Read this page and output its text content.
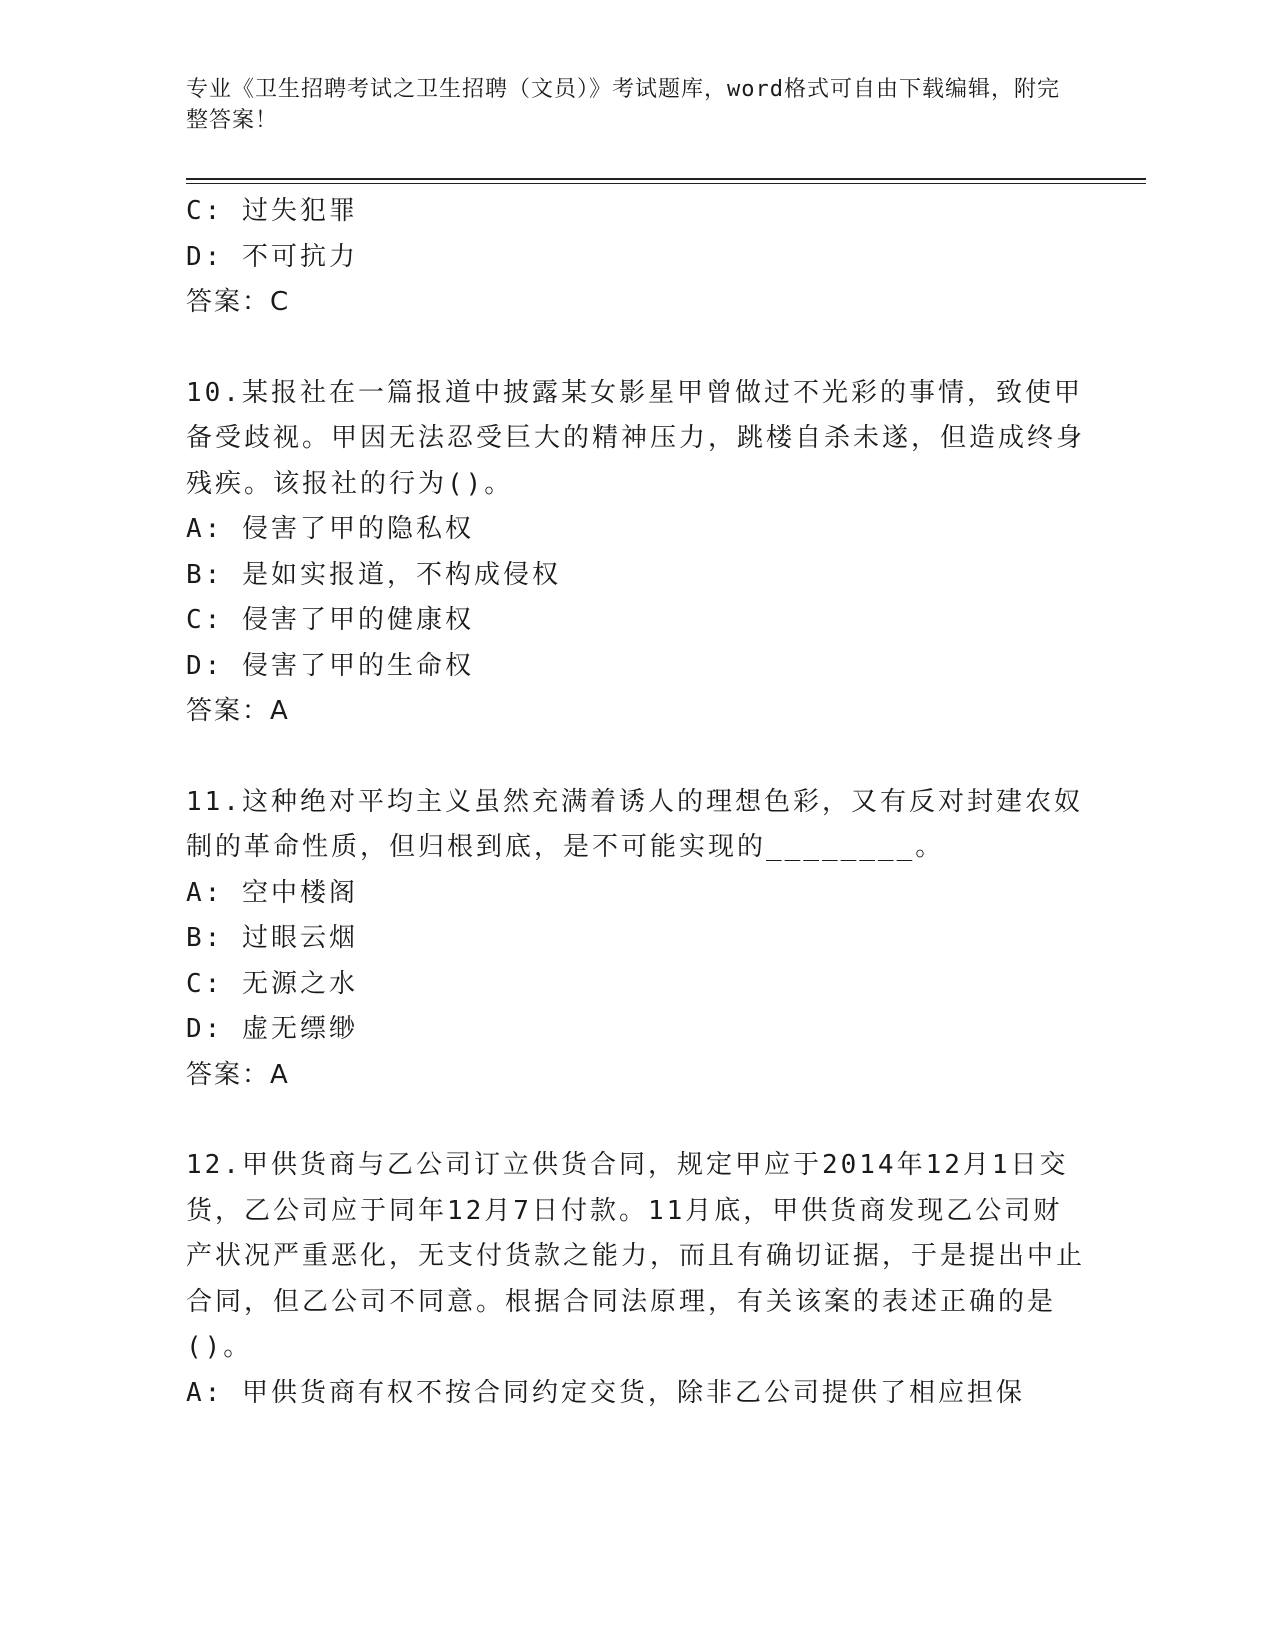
专业《卫生招聘考试之卫生招聘（文员）》考试题库，word格式可自由下载编辑，附完整答案！
C: 过失犯罪
D: 不可抗力
答案：C
10.某报社在一篇报道中披露某女影星甲曾做过不光彩的事情，致使甲备受歧视。甲因无法忍受巨大的精神压力，跳楼自杀未遂，但造成终身残疾。该报社的行为()。
A: 侵害了甲的隐私权
B: 是如实报道，不构成侵权
C: 侵害了甲的健康权
D: 侵害了甲的生命权
答案：A
11.这种绝对平均主义虽然充满着诱人的理想色彩，又有反对封建农奴制的革命性质，但归根到底，是不可能实现的________。
A: 空中楼阁
B: 过眼云烟
C: 无源之水
D: 虚无缥缈
答案：A
12.甲供货商与乙公司订立供货合同，规定甲应于2014年12月1日交货，乙公司应于同年12月7日付款。11月底，甲供货商发现乙公司财产状况严重恶化，无支付货款之能力，而且有确切证据，于是提出中止合同，但乙公司不同意。根据合同法原理，有关该案的表述正确的是()。
A: 甲供货商有权不按合同约定交货，除非乙公司提供了相应担保
